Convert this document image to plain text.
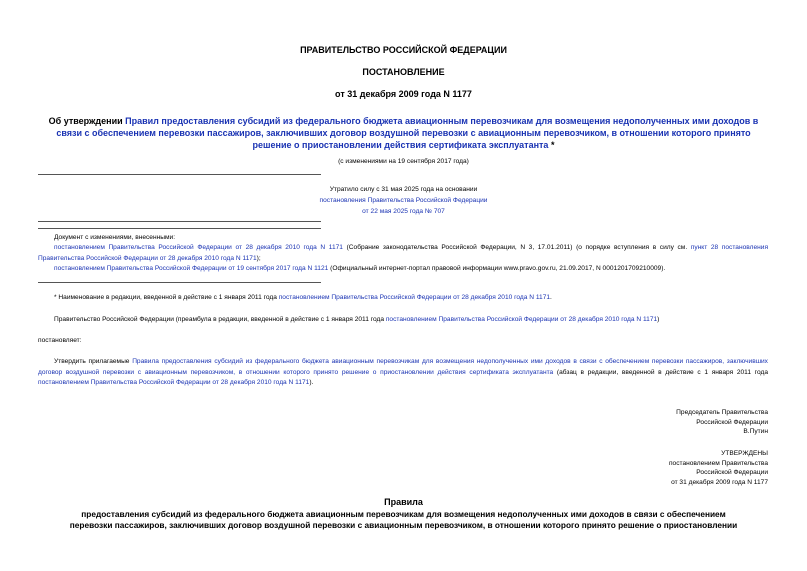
ПРАВИТЕЛЬСТВО РОССИЙСКОЙ ФЕДЕРАЦИИ
ПОСТАНОВЛЕНИЕ
от 31 декабря 2009 года N 1177
Об утверждении Правил предоставления субсидий из федерального бюджета авиационным перевозчикам для возмещения недополученных ими доходов в связи с обеспечением перевозки пассажиров, заключивших договор воздушной перевозки с авиационным перевозчиком, в отношении которого принято решение о приостановлении действия сертификата эксплуатанта *
(с изменениями на 19 сентября 2017 года)
Утратило силу с 31 мая 2025 года на основании
постановления Правительства Российской Федерации
от 22 мая 2025 года № 707
Документ с изменениями, внесенными:
постановлением Правительства Российской Федерации от 28 декабря 2010 года N 1171 (Собрание законодательства Российской Федерации, N 3, 17.01.2011) (о порядке вступления в силу см. пункт 28 постановления Правительства Российской Федерации от 28 декабря 2010 года N 1171);
постановлением Правительства Российской Федерации от 19 сентября 2017 года N 1121 (Официальный интернет-портал правовой информации www.pravo.gov.ru, 21.09.2017, N 0001201709210009).
* Наименование в редакции, введенной в действие с 1 января 2011 года постановлением Правительства Российской Федерации от 28 декабря 2010 года N 1171.
Правительство Российской Федерации (преамбула в редакции, введенной в действие с 1 января 2011 года постановлением Правительства Российской Федерации от 28 декабря 2010 года N 1171)
постановляет:
Утвердить прилагаемые Правила предоставления субсидий из федерального бюджета авиационным перевозчикам для возмещения недополученных ими доходов в связи с обеспечением перевозки пассажиров, заключивших договор воздушной перевозки с авиационным перевозчиком, в отношении которого принято решение о приостановлении действия сертификата эксплуатанта (абзац в редакции, введенной в действие с 1 января 2011 года постановлением Правительства Российской Федерации от 28 декабря 2010 года N 1171).
Председатель Правительства
Российской Федерации
В.Путин
УТВЕРЖДЕНЫ
постановлением Правительства
Российской Федерации
от 31 декабря 2009 года N 1177
Правила
предоставления субсидий из федерального бюджета авиационным перевозчикам для возмещения недополученных ими доходов в связи с обеспечением
перевозки пассажиров, заключивших договор воздушной перевозки с авиационным перевозчиком, в отношении которого принято решение о приостановлении
